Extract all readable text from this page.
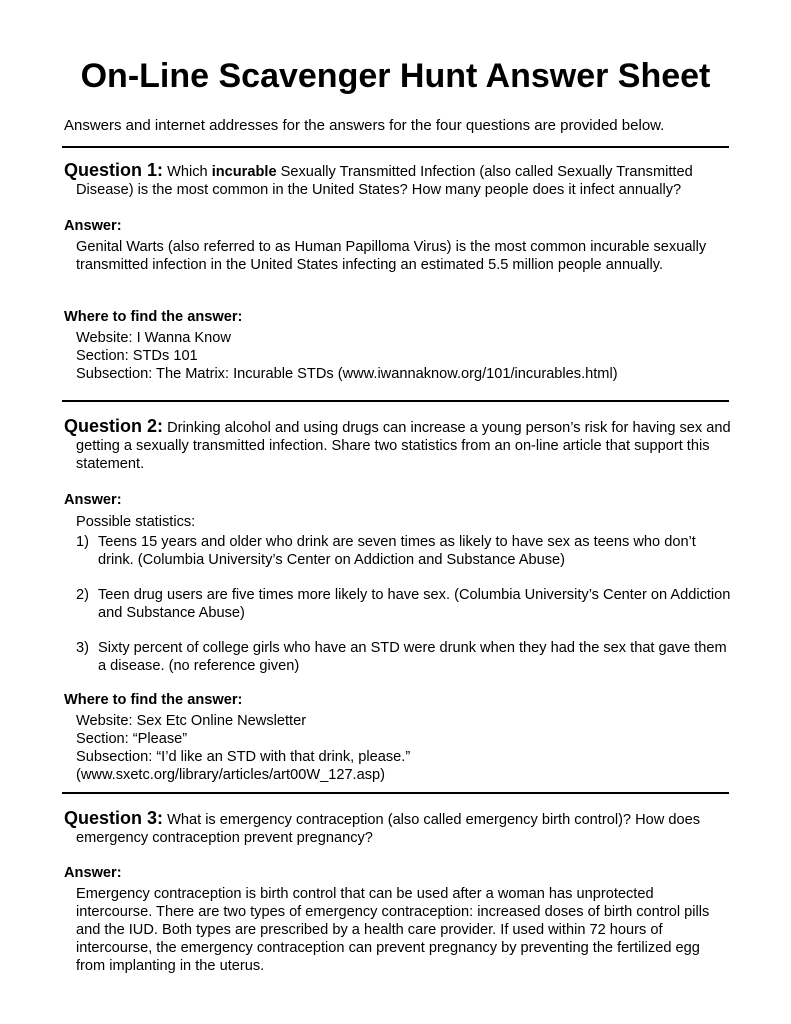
On-Line Scavenger Hunt Answer Sheet

Answers and internet addresses for the answers for the four questions are provided below.

Question 1: Which incurable Sexually Transmitted Infection (also called Sexually Transmitted Disease) is the most common in the United States? How many people does it infect annually?

Answer:

Genital Warts (also referred to as Human Papilloma Virus) is the most common incurable sexually transmitted infection in the United States infecting an estimated 5.5 million people annually.

Where to find the answer:

Website: I Wanna Know

Section: STDs 101

Subsection: The Matrix: Incurable STDs (www.iwannaknow.org/101/incurables.html)

Question 2: Drinking alcohol and using drugs can increase a young person’s risk for having sex and getting a sexually transmitted infection. Share two statistics from an on-line article that support this statement.

Answer:

Possible statistics:

1) Teens 15 years and older who drink are seven times as likely to have sex as teens who don’t drink. (Columbia University’s Center on Addiction and Substance Abuse)
2) Teen drug users are five times more likely to have sex. (Columbia University’s Center on Addiction and Substance Abuse)
3) Sixty percent of college girls who have an STD were drunk when they had the sex that gave them a disease. (no reference given)

Where to find the answer:

Website: Sex Etc Online Newsletter

Section: “Please”

Subsection: “I’d like an STD with that drink, please.”

(www.sxetc.org/library/articles/art00W_127.asp)

Question 3: What is emergency contraception (also called emergency birth control)? How does emergency contraception prevent pregnancy?

Answer:

Emergency contraception is birth control that can be used after a woman has unprotected intercourse. There are two types of emergency contraception: increased doses of birth control pills and the IUD. Both types are prescribed by a health care provider. If used within 72 hours of intercourse, the emergency contraception can prevent pregnancy by preventing the fertilized egg from implanting in the uterus.
